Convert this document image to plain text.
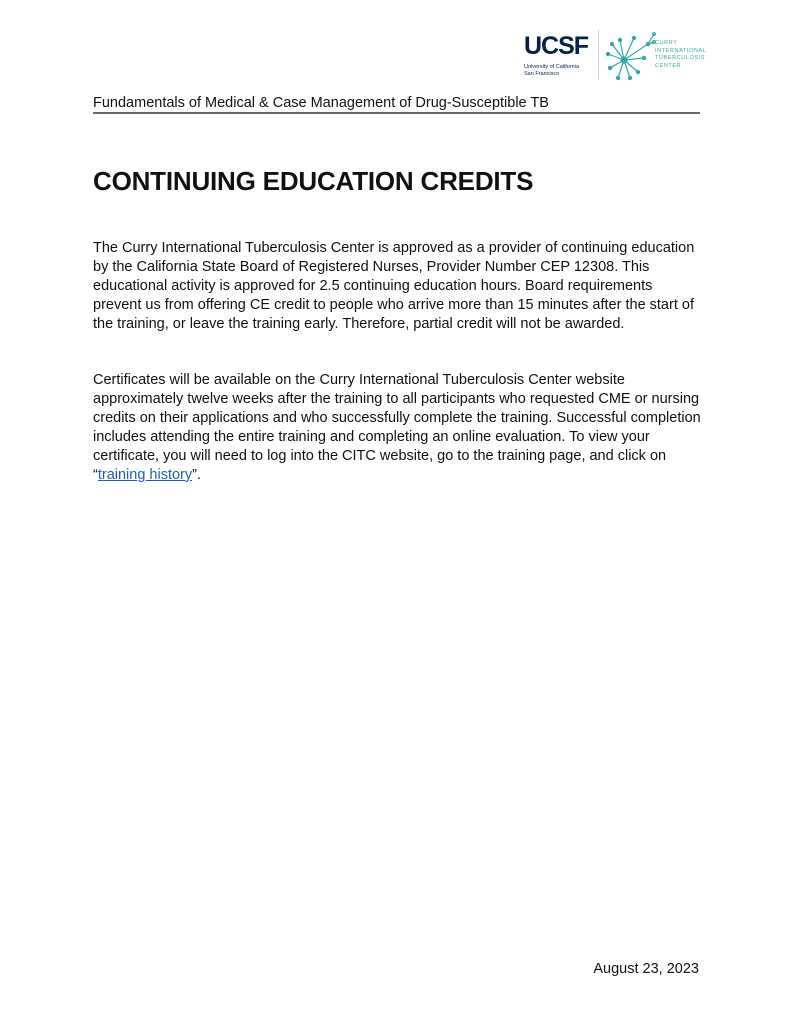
UCSF
University of California
San Francisco
CURRY
INTERNATIONAL
TUBERCULOSIS
CENTER
Fundamentals of Medical & Case Management of Drug-Susceptible TB
CONTINUING EDUCATION CREDITS

The Curry International Tuberculosis Center is approved as a provider of continuing education by the California State Board of Registered Nurses, Provider Number CEP 12308. This educational activity is approved for 2.5 continuing education hours. Board requirements prevent us from offering CE credit to people who arrive more than 15 minutes after the start of the training, or leave the training early. Therefore, partial credit will not be awarded.

Certificates will be available on the Curry International Tuberculosis Center website approximately twelve weeks after the training to all participants who requested CME or nursing credits on their applications and who successfully complete the training. Successful completion includes attending the entire training and completing an online evaluation. To view your certificate, you will need to log into the CITC website, go to the training page, and click on “training history”.

August 23, 2023
